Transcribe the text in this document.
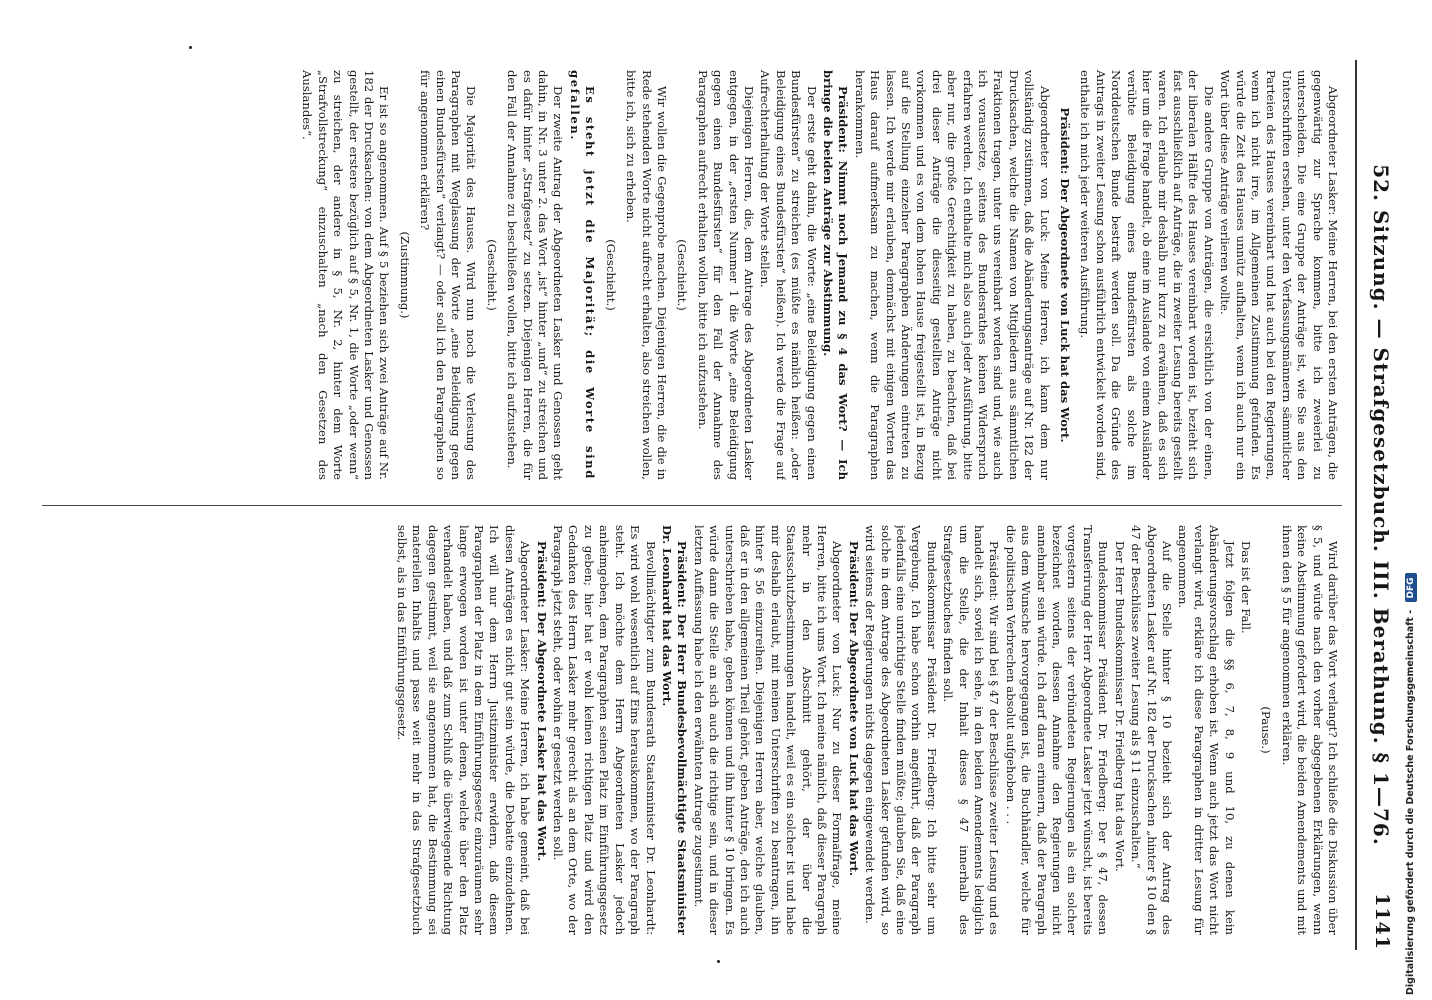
52. Sitzung. — Strafgesetzbuch. III. Berathung. § 1—76.
1141

Abgeordneter Lasker: Meine Herren, bei den ersten Anträgen, die gegenwärtig zur Sprache kommen, bitte ich zweierlei zu unterscheiden. Die eine Gruppe der Anträge ist, wie Sie aus den Unterschriften ersehen, unter den Verfassungsmännern sämmtlicher Parteien des Hauses vereinbart und hat auch bei den Regierungen, wenn ich nicht irre, im Allgemeinen Zustimmung gefunden. Es würde die Zeit des Hauses unnütz aufhalten, wenn ich auch nur ein Wort über diese Anträge verlieren wollte.

Die andere Gruppe von Anträgen, die ersichtlich von der einen, der liberalen Hälfte des Hauses vereinbart worden ist, bezieht sich fast ausschließlich auf Anträge, die in zweiter Lesung bereits gestellt waren. Ich erlaube mir deshalb nur kurz zu erwähnen, daß es sich hier um die Frage handelt, ob eine im Auslande von einem Ausländer verübte Beleidigung eines Bundesfürsten als solche im Norddeutschen Bunde bestraft werden soll. Da die Gründe des Antrags in zweiter Lesung schon ausführlich entwickelt worden sind, enthalte ich mich jeder weiteren Ausführung.

Präsident: Der Abgeordnete von Luck hat das Wort.

Abgeordneter von Luck: Meine Herren, ich kann dem nur vollständig zustimmen, daß die Abänderungsanträge auf Nr. 182 der Drucksachen, welche die Namen von Mitgliedern aus sämmtlichen Fraktionen tragen, unter uns vereinbart worden sind und, wie auch ich voraussetze, seitens des Bundesrathes keinen Widerspruch erfahren werden. Ich enthalte mich also auch jeder Ausführung, bitte aber nur, die große Gerechtigkeit zu haben, zu beachten, daß bei drei dieser Anträge die diesseitig gestellten Anträge nicht vorkommen und es von dem hohen Hause freigestellt ist, in Bezug auf die Stellung einzelner Paragraphen Änderungen eintreten zu lassen. Ich werde mir erlauben, demnächst mit einigen Worten das Haus darauf aufmerksam zu machen, wenn die Paragraphen herankommen.

Präsident: Nimmt noch Jemand zu § 4 das Wort? — Ich bringe die beiden Anträge zur Abstimmung.

Der erste geht dahin, die Worte: „eine Beleidigung gegen einen Bundesfürsten“ zu streichen (es müßte es nämlich heißen: „oder Beleidigung eines Bundesfürsten“ heißen). Ich werde die Frage auf Aufrechterhaltung der Worte stellen.

Diejenigen Herren, die, dem Antrage des Abgeordneten Lasker entgegen, in der „ersten Nummer 1 die Worte „eine Beleidigung gegen einen Bundesfürsten“ für den Fall der Annahme des Paragraphen aufrecht erhalten wollen, bitte ich aufzustehen.

(Geschieht.)

Wir wollen die Gegenprobe machen. Diejenigen Herren, die die in Rede stehenden Worte nicht aufrecht erhalten, also streichen wollen, bitte ich, sich zu erheben.

(Geschieht.)

Es steht jetzt die Majorität; die Worte sind gefallen.

Der zweite Antrag der Abgeordneten Lasker und Genossen geht dahin, in Nr. 3 unter 2. das Wort „ist“ hinter „und“ zu streichen und es dafür hinter „Strafgesetz“ zu setzen. Diejenigen Herren, die für den Fall der Annahme zu beschließen wollen, bitte ich aufzustehen.

(Geschieht.)

Die Majorität des Hauses. Wird nun noch die Verlesung des Paragraphen mit Weglassung der Worte „eine Beleidigung gegen einen Bundesfürsten“ verlangt? — oder soll ich den Paragraphen so für angenommen erklären?

(Zustimmung.)

Er ist so angenommen. Auf § 5 beziehen sich zwei Anträge auf Nr. 182 der Drucksachen: von dem Abgeordneten Lasker und Genossen gestellt, der erstere bezüglich auf § 5, Nr. 1, die Worte „oder wenn“ zu streichen, der andere in § 5, Nr. 2, hinter dem Worte „Strafvollstreckung“ einzuschalten „nach den Gesetzen des Auslandes“.

Wird darüber das Wort verlangt? Ich schließe die Diskussion über § 5, und würde nach den vorher abgegebenen Erklärungen, wenn keine Abstimmung gefordert wird, die beiden Amendements und mit ihnen den § 5 für angenommen erklären.

(Pause.)

Das ist der Fall.

Jetzt folgen die §§ 6, 7, 8, 9 und 10, zu denen kein Abänderungsvorschlag erhoben ist. Wenn auch jetzt das Wort nicht verlangt wird, erkläre ich diese Paragraphen in dritter Lesung für angenommen.

Auf die Stelle hinter § 10 bezieht sich der Antrag des Abgeordneten Lasker auf Nr. 182 der Drucksachen „hinter § 10 den § 47 der Beschlüsse zweiter Lesung als § 11 einzuschalten.“

Der Herr Bundeskommissar Dr. Friedberg hat das Wort.

Bundeskommissar Präsident Dr. Friedberg: Der § 47, dessen Transferirung der Herr Abgeordnete Lasker jetzt wünscht, ist bereits vorgestern seitens der verbündeten Regierungen als ein solcher bezeichnet worden, dessen Annahme den Regierungen nicht annehmbar sein würde. Ich darf daran erinnern, daß der Paragraph aus dem Wunsche hervorgegangen ist, die Buchhändler, welche für die politischen Verbrechen absolut aufgehoben . . .

Präsident: Wir sind bei § 47 der Beschlüsse zweiter Lesung und es handelt sich, soviel ich sehe, in den beiden Amendements lediglich um die Stelle, die der Inhalt dieses § 47 innerhalb des Strafgesetzbuches finden soll.

Bundeskommissar Präsident Dr. Friedberg: Ich bitte sehr um Vergebung. Ich habe schon vorhin angeführt, daß der Paragraph jedenfalls eine unrichtige Stelle finden müßte; glauben Sie, daß eine solche in dem Antrage des Abgeordneten Lasker gefunden wird, so wird seitens der Regierungen nichts dagegen eingewendet werden.

Präsident: Der Abgeordnete von Luck hat das Wort.

Abgeordneter von Luck: Nur zu dieser Formalfrage, meine Herren, bitte ich ums Wort. Ich meine nämlich, daß dieser Paragraph mehr in den Abschnitt gehört, der über die Staatsschutzbestimmungen handelt, weil es ein solcher ist und habe mir deshalb erlaubt, mit meinen Unterschriften zu beantragen, ihn hinter § 56 einzureihen. Diejenigen Herren aber, welche glauben, daß er in den allgemeinen Theil gehört, geben Anträge, den ich auch unterschrieben habe, geben können und ihn hinter § 10 bringen. Es würde dann die Stelle an sich auch die richtige sein, und in dieser letzten Auffassung habe ich den erwähnten Antrage zugestimmt.

Präsident: Der Herr Bundesbevollmächtigte Staatsminister Dr. Leonhardt hat das Wort.

Bevollmächtigter zum Bundesrath Staatsminister Dr. Leonhardt: Es wird wohl wesentlich auf Eins herauskommen, wo der Paragraph steht. Ich möchte dem Herrn Abgeordneten Lasker jedoch anheimgeben, dem Paragraphen seinen Platz im Einführungsgesetz zu geben; hier hat er wohl keinen richtigen Platz und wird den Gedanken des Herrn Lasker mehr gerecht als an dem Orte, wo der Paragraph jetzt steht, oder wohin er gesetzt werden soll.

Präsident: Der Abgeordnete Lasker hat das Wort.

Abgeordneter Lasker: Meine Herren, ich habe gemeint, daß bei diesen Anträgen es nicht gut sein würde, die Debatte einzudehnen. Ich will nur dem Herrn Justizminister erwidern, daß diesem Paragraphen der Platz in dem Einführungsgesetz einzuräumen sehr lange erwogen worden ist unter denen, welche über den Platz verhandelt haben, und daß zum Schluß die überwiegende Richtung dagegen gestimmt, weil sie angenommen hat, die Bestimmung sei materiellen Inhalts und passe weit mehr in das Strafgesetzbuch selbst, als in das Einführungsgesetz.	Digitalisierung gefördert durch die Deutsche Forschungsgemeinschaft - DFG
